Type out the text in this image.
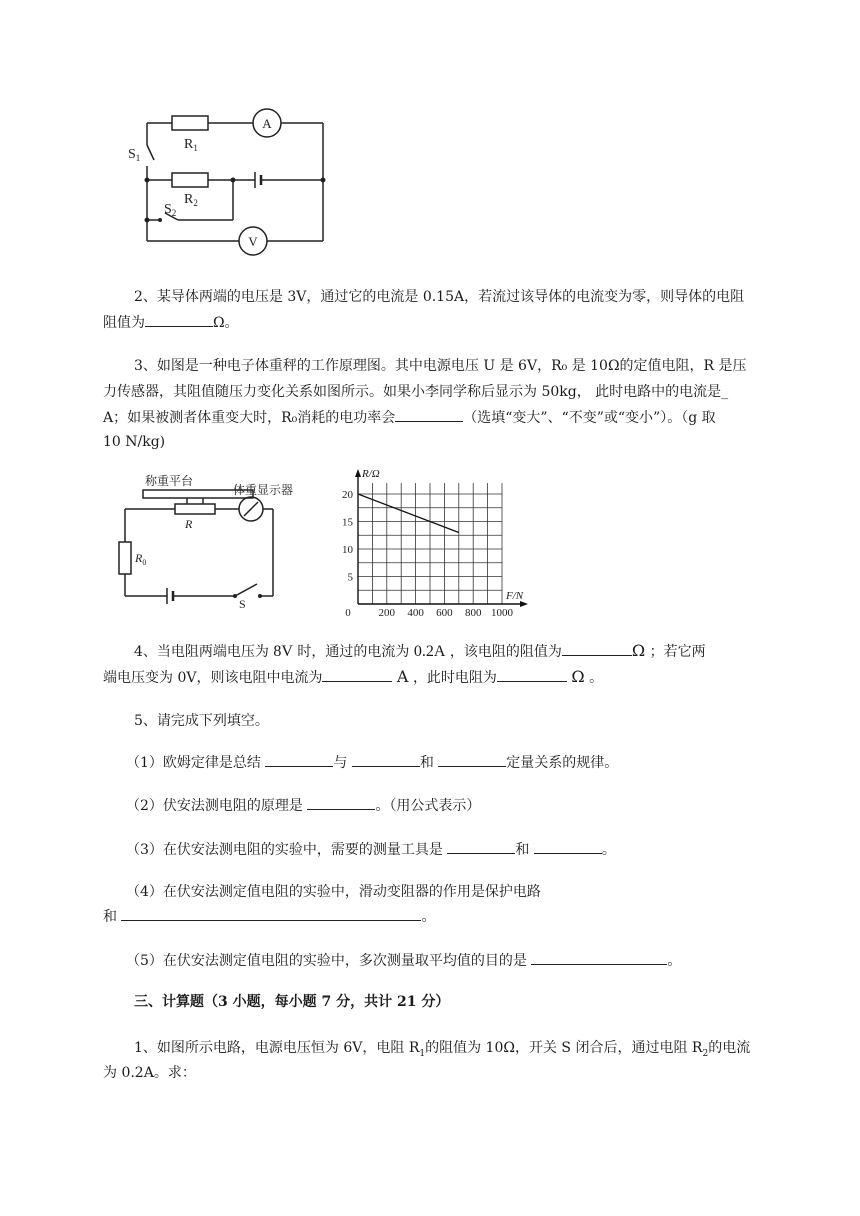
$S_1$
$R_1$
$R_2$
$S_2$
A
V
2、某导体两端的电压是 3V，通过它的电流是 0.15A，若流过该导体的电流变为零，则导体的电阻
阻值为	Ω。
3、如图是一种电子体重秤的工作原理图。其中电源电压 U 是 6V，R₀ 是 10Ω的定值电阻，R 是压
力传感器，其阻值随压力变化关系如图所示。如果小李同学称后显示为 50kg， 此时电路中的电流是_
A；如果被测者体重变大时，R₀消耗的电功率会	（选填“变大”、“不变”或“变小”）。（g 取
10 N/kg)
称重平台
体重显示器
R
$R_0$
S
5
10
15
20
0	200 400 600 800 1000
F/N
R/Ω
4、当电阻两端电压为 8V 时，通过的电流为 0.2A ，该电阻的阻值为	Ω ；若它两
端电压变为 0V，则该电阻中电流为	A ，此时电阻为	Ω 。
5、请完成下列填空。
（1）欧姆定律是总结	与	和	定量关系的规律。
（2）伏安法测电阻的原理是	。（用公式表示）
（3）在伏安法测电阻的实验中，需要的测量工具是	和	。
（4）在伏安法测定值电阻的实验中，滑动变阻器的作用是保护电路
和	。
（5）在伏安法测定值电阻的实验中，多次测量取平均值的目的是	。
三、计算题（3 小题，每小题 7 分，共计 21 分）
1、如图所示电路，电源电压恒为 6V，电阻 $R_1$的阻值为 10Ω，开关 S 闭合后，通过电阻 $R_2$的电流
为 0.2A。求：
